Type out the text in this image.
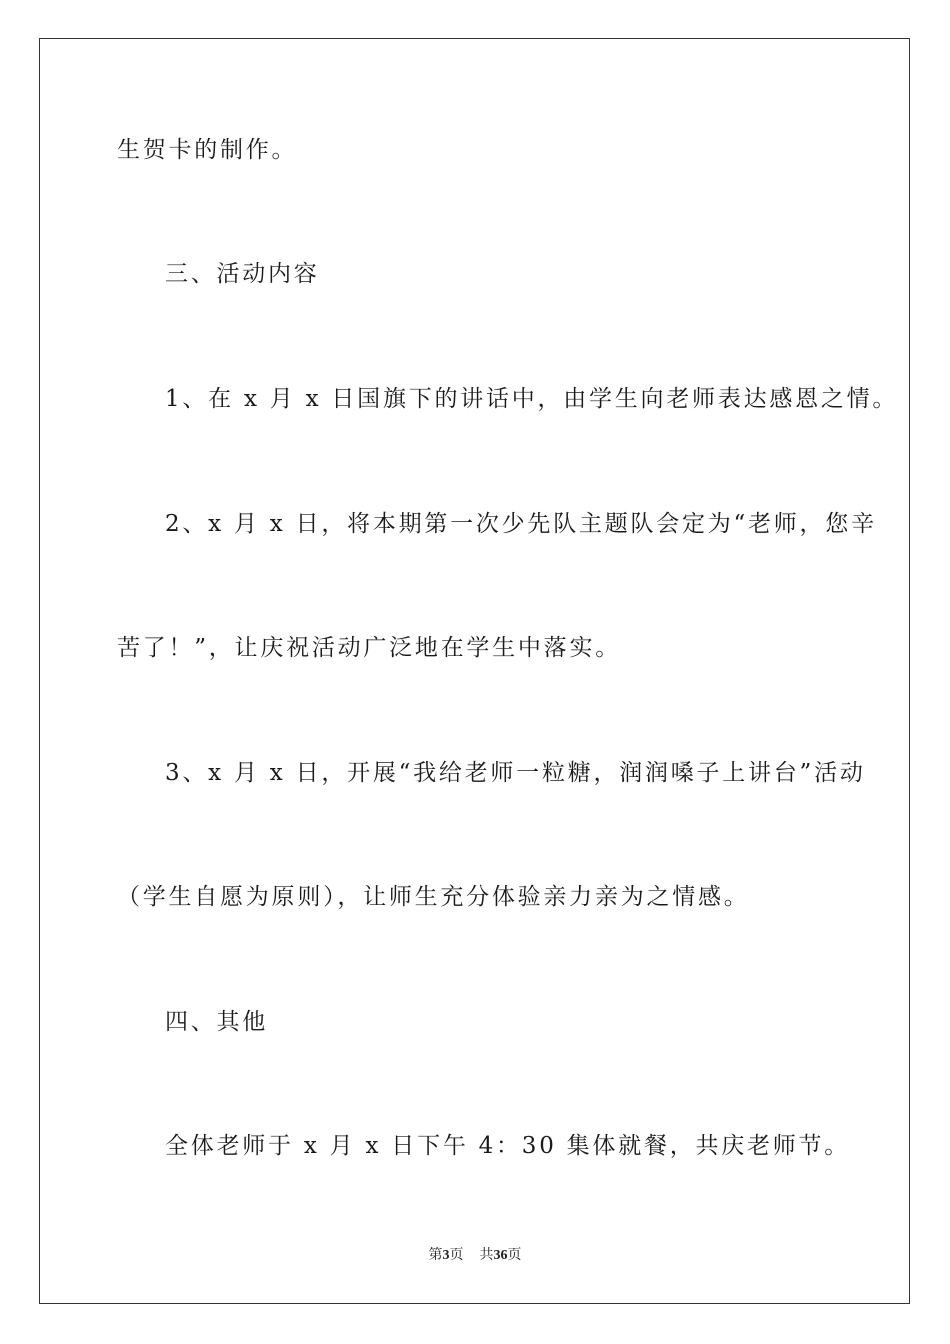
生贺卡的制作。
三、活动内容
1、在 x 月 x 日国旗下的讲话中，由学生向老师表达感恩之情。
2、x 月 x 日，将本期第一次少先队主题队会定为“老师，您辛
苦了！”，让庆祝活动广泛地在学生中落实。
3、x 月 x 日，开展“我给老师一粒糖，润润嗓子上讲台”活动
（学生自愿为原则），让师生充分体验亲力亲为之情感。
四、其他
全体老师于 x 月 x 日下午 4：30 集体就餐，共庆老师节。
第3页 共36页
